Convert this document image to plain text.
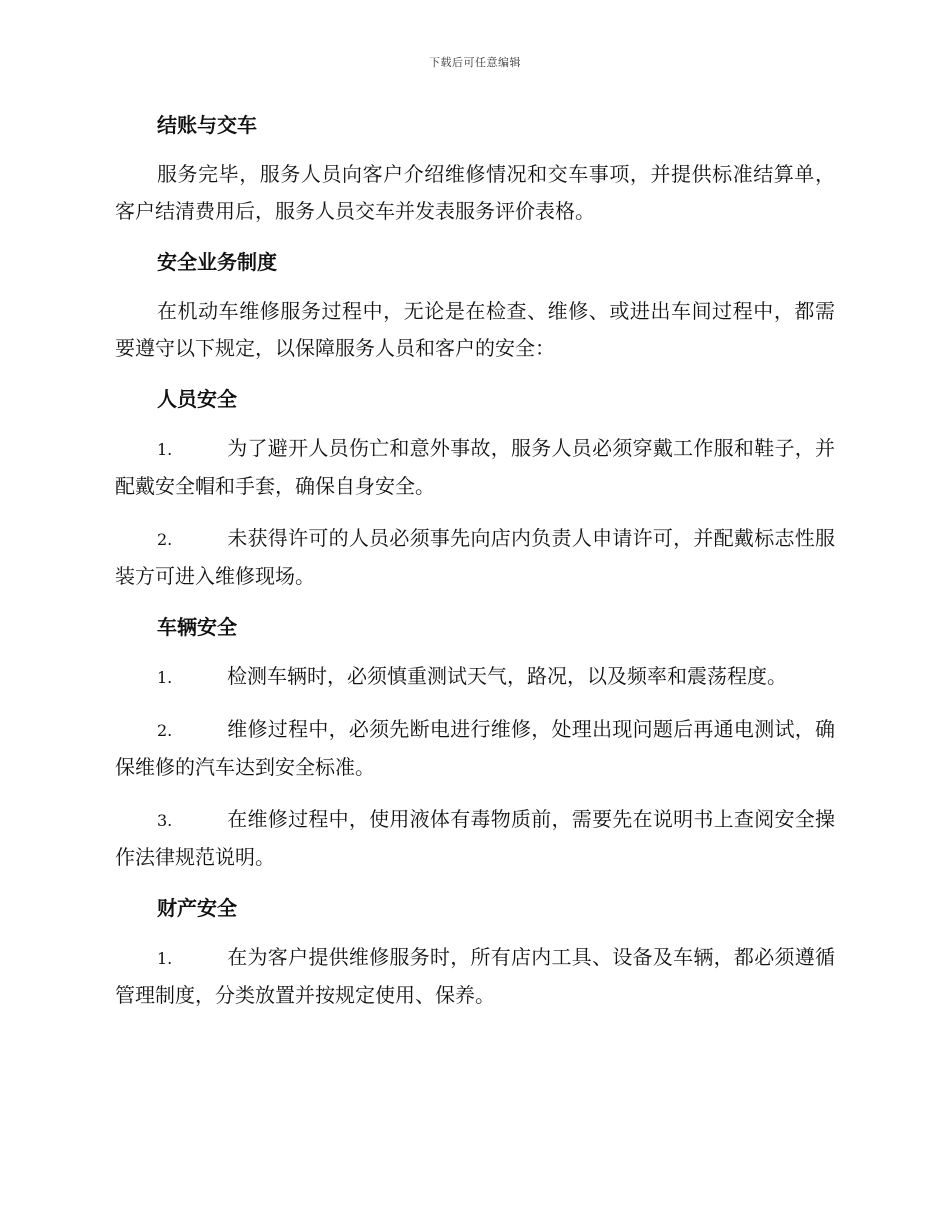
下载后可任意编辑
结账与交车

服务完毕，服务人员向客户介绍维修情况和交车事项，并提供标准结算单，客户结清费用后，服务人员交车并发表服务评价表格。

安全业务制度

在机动车维修服务过程中，无论是在检查、维修、或进出车间过程中，都需要遵守以下规定，以保障服务人员和客户的安全：

人员安全

1.	为了避开人员伤亡和意外事故，服务人员必须穿戴工作服和鞋子，并配戴安全帽和手套，确保自身安全。

2.	未获得许可的人员必须事先向店内负责人申请许可，并配戴标志性服装方可进入维修现场。

车辆安全

1.	检测车辆时，必须慎重测试天气，路况，以及频率和震荡程度。

2.	维修过程中，必须先断电进行维修，处理出现问题后再通电测试，确保维修的汽车达到安全标准。

3.	在维修过程中，使用液体有毒物质前，需要先在说明书上查阅安全操作法律规范说明。

财产安全

1.	在为客户提供维修服务时，所有店内工具、设备及车辆，都必须遵循管理制度，分类放置并按规定使用、保养。
